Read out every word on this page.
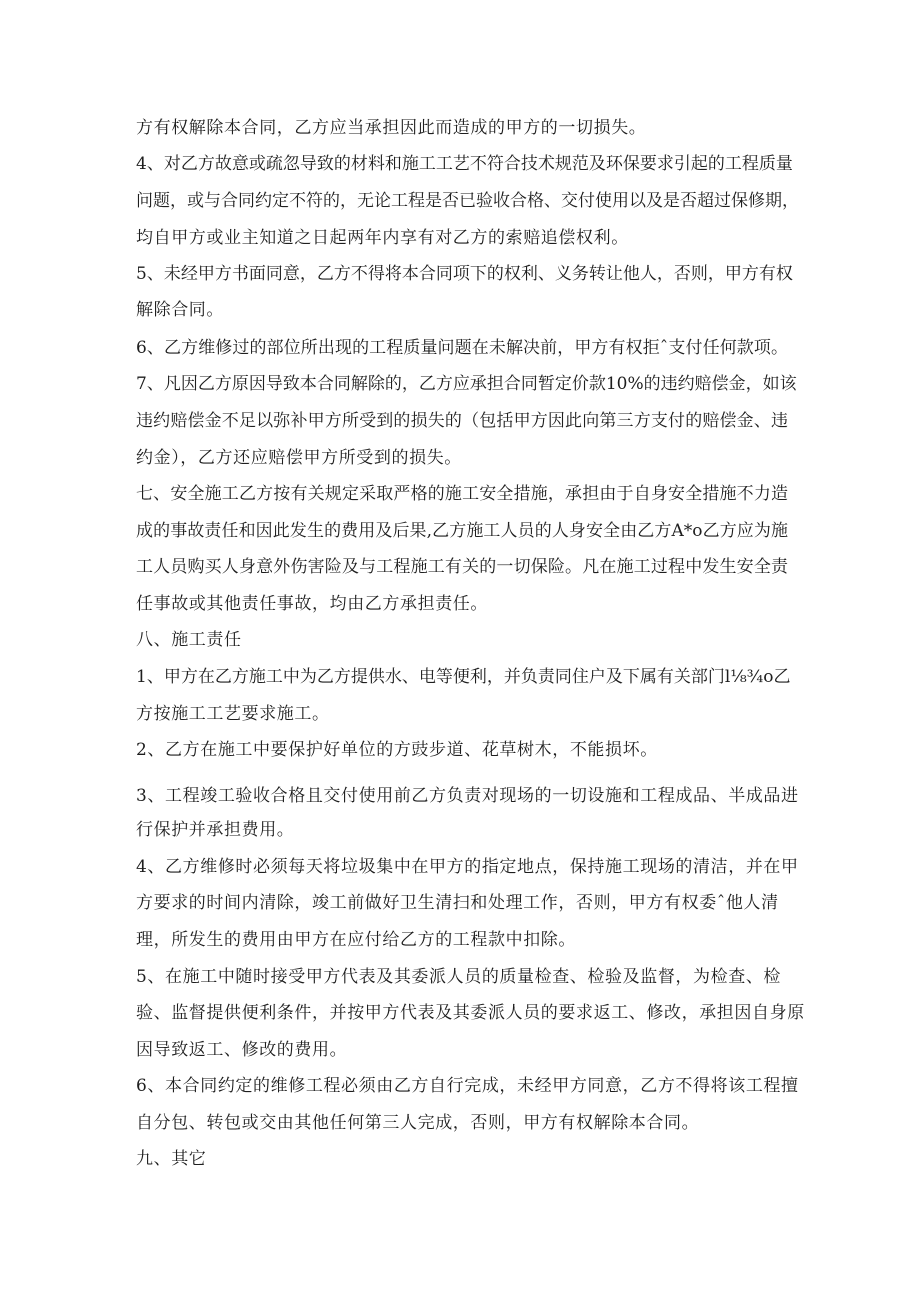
方有权解除本合同，乙方应当承担因此而造成的甲方的一切损失。

4、对乙方故意或疏忽导致的材料和施工工艺不符合技术规范及环保要求引起的工程质量

问题，或与合同约定不符的，无论工程是否已验收合格、交付使用以及是否超过保修期，

均自甲方或业主知道之日起两年内享有对乙方的索赔追偿权利。

5、未经甲方书面同意，乙方不得将本合同项下的权利、义务转让他人，否则，甲方有权

解除合同。

6、乙方维修过的部位所出现的工程质量问题在未解决前，甲方有权拒ˆ支付任何款项。

7、凡因乙方原因导致本合同解除的，乙方应承担合同暂定价款10%的违约赔偿金，如该

违约赔偿金不足以弥补甲方所受到的损失的（包括甲方因此向第三方支付的赔偿金、违

约金），乙方还应赔偿甲方所受到的损失。

七、安全施工乙方按有关规定采取严格的施工安全措施，承担由于自身安全措施不力造

成的事故责任和因此发生的费用及后果,乙方施工人员的人身安全由乙方A*o乙方应为施

工人员购买人身意外伤害险及与工程施工有关的一切保险。凡在施工过程中发生安全责

任事故或其他责任事故，均由乙方承担责任。

八、施工责任

1、甲方在乙方施工中为乙方提供水、电等便利，并负责同住户及下属有关部门l⅛¾o乙

方按施工工艺要求施工。

2、乙方在施工中要保护好单位的方豉步道、花草树木，不能损坏。

3、工程竣工验收合格且交付使用前乙方负责对现场的一切设施和工程成品、半成品进

行保护并承担费用。

4、乙方维修时必须每天将垃圾集中在甲方的指定地点，保持施工现场的清洁，并在甲

方要求的时间内清除，竣工前做好卫生清扫和处理工作，否则，甲方有权委ˆ他人清

理，所发生的费用由甲方在应付给乙方的工程款中扣除。

5、在施工中随时接受甲方代表及其委派人员的质量检查、检验及监督，为检查、检

验、监督提供便利条件，并按甲方代表及其委派人员的要求返工、修改，承担因自身原

因导致返工、修改的费用。

6、本合同约定的维修工程必须由乙方自行完成，未经甲方同意，乙方不得将该工程擅

自分包、转包或交由其他任何第三人完成，否则，甲方有权解除本合同。

九、其它
